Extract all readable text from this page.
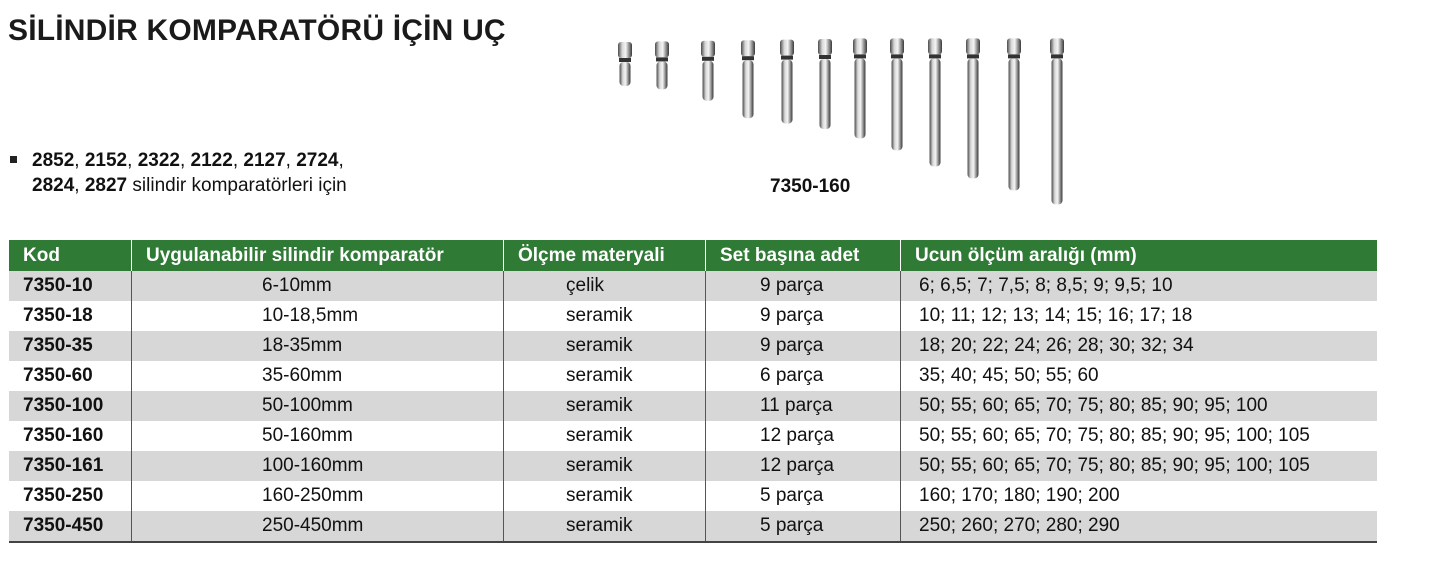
SİLİNDİR KOMPARATÖRÜ İÇİN UÇ
2852, 2152, 2322, 2122, 2127, 2724,
2824, 2827 silindir komparatörleri için	7350-160
Kod	Uygulanabilir silindir komparatör	Ölçme materyali	Set başına adet	Ucun ölçüm aralığı (mm)
7350-10	6-10mm	çelik	9 parça	6; 6,5; 7; 7,5; 8; 8,5; 9; 9,5; 10
7350-18	10-18,5mm	seramik	9 parça	10; 11; 12; 13; 14; 15; 16; 17; 18
7350-35	18-35mm	seramik	9 parça	18; 20; 22; 24; 26; 28; 30; 32; 34
7350-60	35-60mm	seramik	6 parça	35; 40; 45; 50; 55; 60
7350-100	50-100mm	seramik	11 parça	50; 55; 60; 65; 70; 75; 80; 85; 90; 95; 100
7350-160	50-160mm	seramik	12 parça	50; 55; 60; 65; 70; 75; 80; 85; 90; 95; 100; 105
7350-161	100-160mm	seramik	12 parça	50; 55; 60; 65; 70; 75; 80; 85; 90; 95; 100; 105
7350-250	160-250mm	seramik	5 parça	160; 170; 180; 190; 200
7350-450	250-450mm	seramik	5 parça	250; 260; 270; 280; 290
